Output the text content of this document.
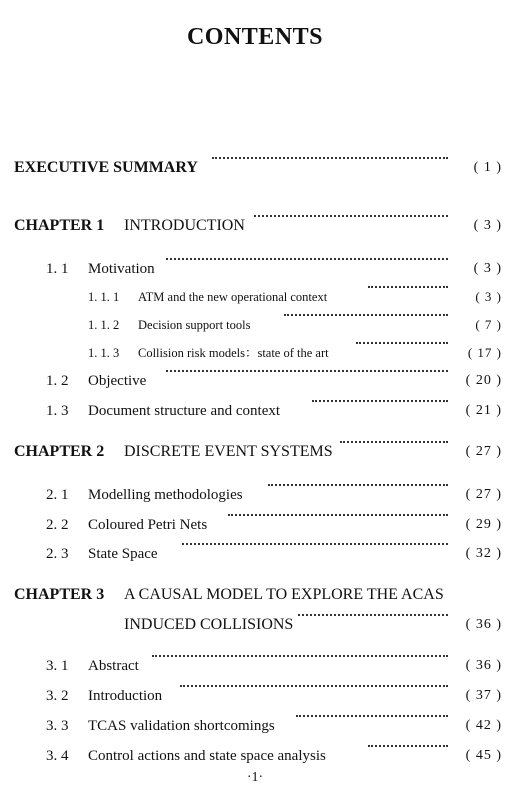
CONTENTS
EXECUTIVE SUMMARY	( 1 )
CHAPTER 1 INTRODUCTION	( 3 )
1. 1 Motivation	( 3 )
1. 1. 1 ATM and the new operational context	( 3 )
1. 1. 2 Decision support tools	( 7 )
1. 1. 3 Collision risk models：state of the art	( 17 )
1. 2 Objective	( 20 )
1. 3 Document structure and context	( 21 )
CHAPTER 2 DISCRETE EVENT SYSTEMS	( 27 )
2. 1 Modelling methodologies	( 27 )
2. 2 Coloured Petri Nets	( 29 )
2. 3 State Space	( 32 )
CHAPTER 3 A CAUSAL MODEL TO EXPLORE THE ACAS
INDUCED COLLISIONS	( 36 )
3. 1 Abstract	( 36 )
3. 2 Introduction	( 37 )
3. 3 TCAS validation shortcomings	( 42 )
3. 4 Control actions and state space analysis	( 45 )
·1·
